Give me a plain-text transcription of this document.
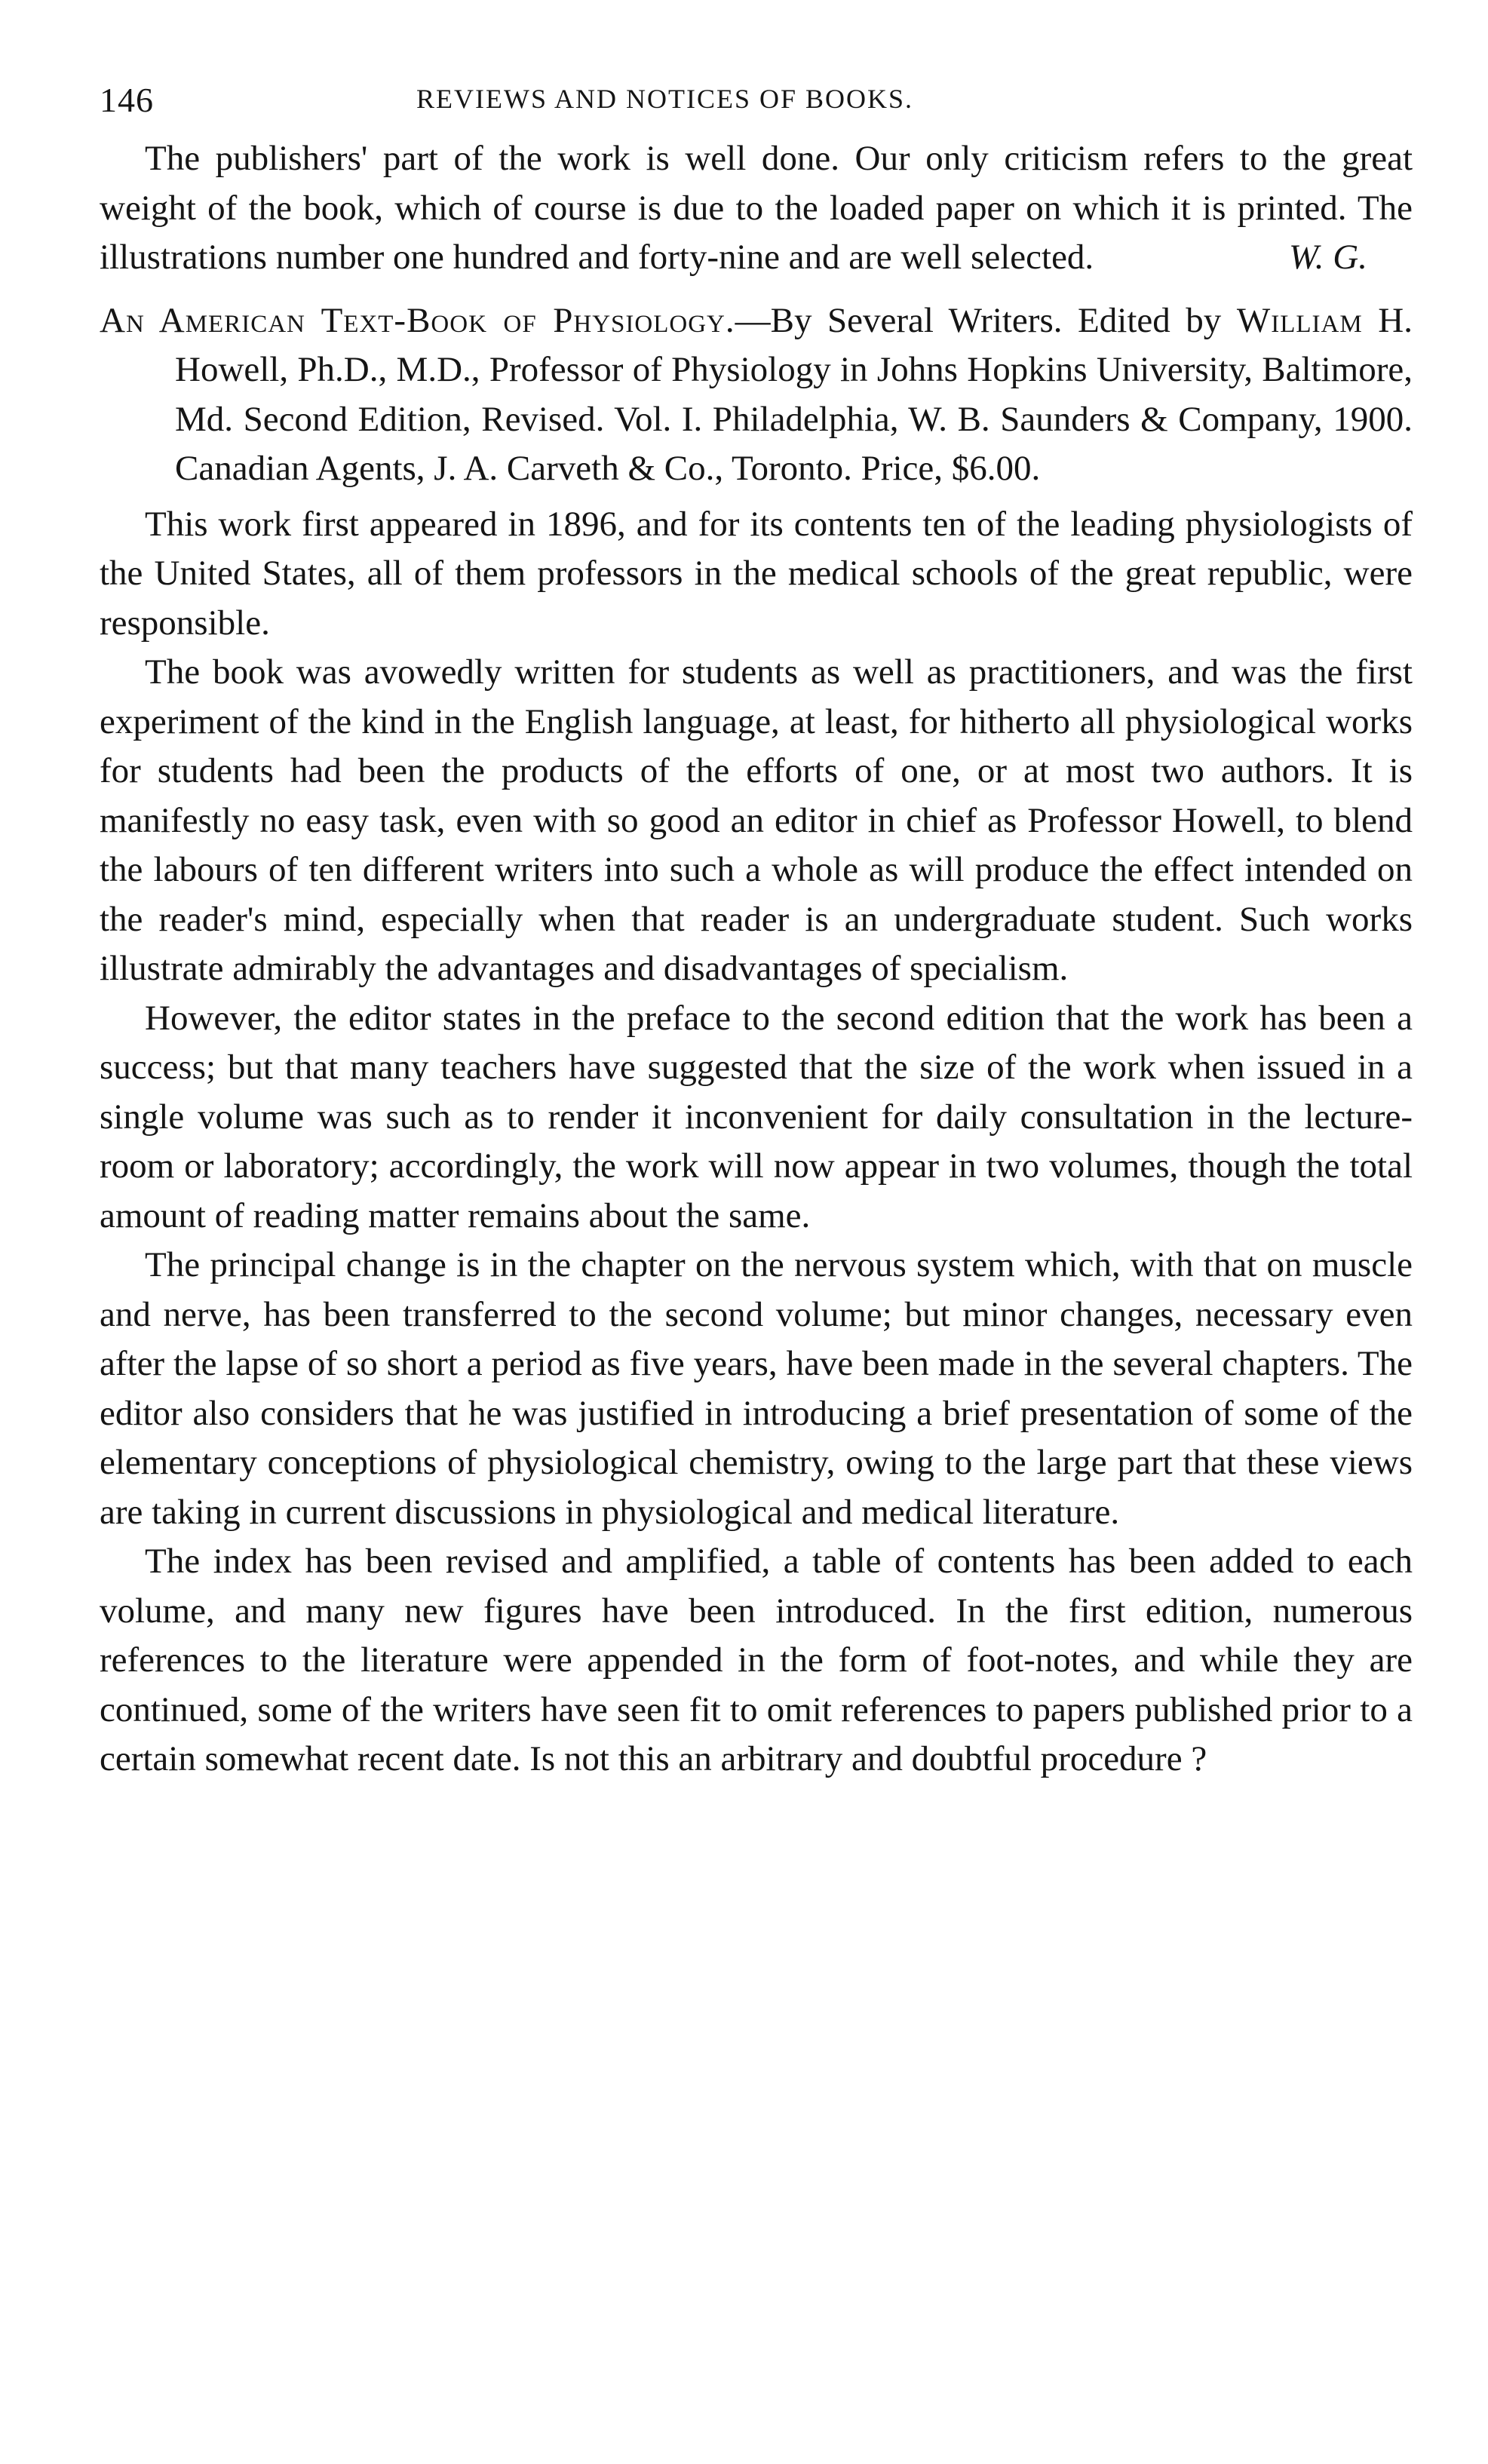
146	REVIEWS AND NOTICES OF BOOKS.

The publishers' part of the work is well done. Our only criticism refers to the great weight of the book, which of course is due to the loaded paper on which it is printed. The illustrations number one hundred and forty-nine and are well selected.	W. G.

An American Text-Book of Physiology.—By Several Writers. Edited by William H. Howell, Ph.D., M.D., Professor of Physiology in Johns Hopkins University, Baltimore, Md. Second Edition, Revised. Vol. I. Philadelphia, W. B. Saunders & Company, 1900. Canadian Agents, J. A. Carveth & Co., Toronto. Price, $6.00.

This work first appeared in 1896, and for its contents ten of the leading physiologists of the United States, all of them professors in the medical schools of the great republic, were responsible.

The book was avowedly written for students as well as practitioners, and was the first experiment of the kind in the English language, at least, for hitherto all physiological works for students had been the products of the efforts of one, or at most two authors. It is manifestly no easy task, even with so good an editor in chief as Professor Howell, to blend the labours of ten different writers into such a whole as will produce the effect intended on the reader's mind, especially when that reader is an undergraduate student. Such works illustrate admirably the advantages and disadvantages of specialism.

However, the editor states in the preface to the second edition that the work has been a success; but that many teachers have suggested that the size of the work when issued in a single volume was such as to render it inconvenient for daily consultation in the lecture-room or laboratory; accordingly, the work will now appear in two volumes, though the total amount of reading matter remains about the same.

The principal change is in the chapter on the nervous system which, with that on muscle and nerve, has been transferred to the second volume; but minor changes, necessary even after the lapse of so short a period as five years, have been made in the several chapters. The editor also considers that he was justified in introducing a brief presentation of some of the elementary conceptions of physiological chemistry, owing to the large part that these views are taking in current discussions in physiological and medical literature.

The index has been revised and amplified, a table of contents has been added to each volume, and many new figures have been introduced. In the first edition, numerous references to the literature were appended in the form of foot-notes, and while they are continued, some of the writers have seen fit to omit references to papers published prior to a certain somewhat recent date. Is not this an arbitrary and doubtful procedure ?
